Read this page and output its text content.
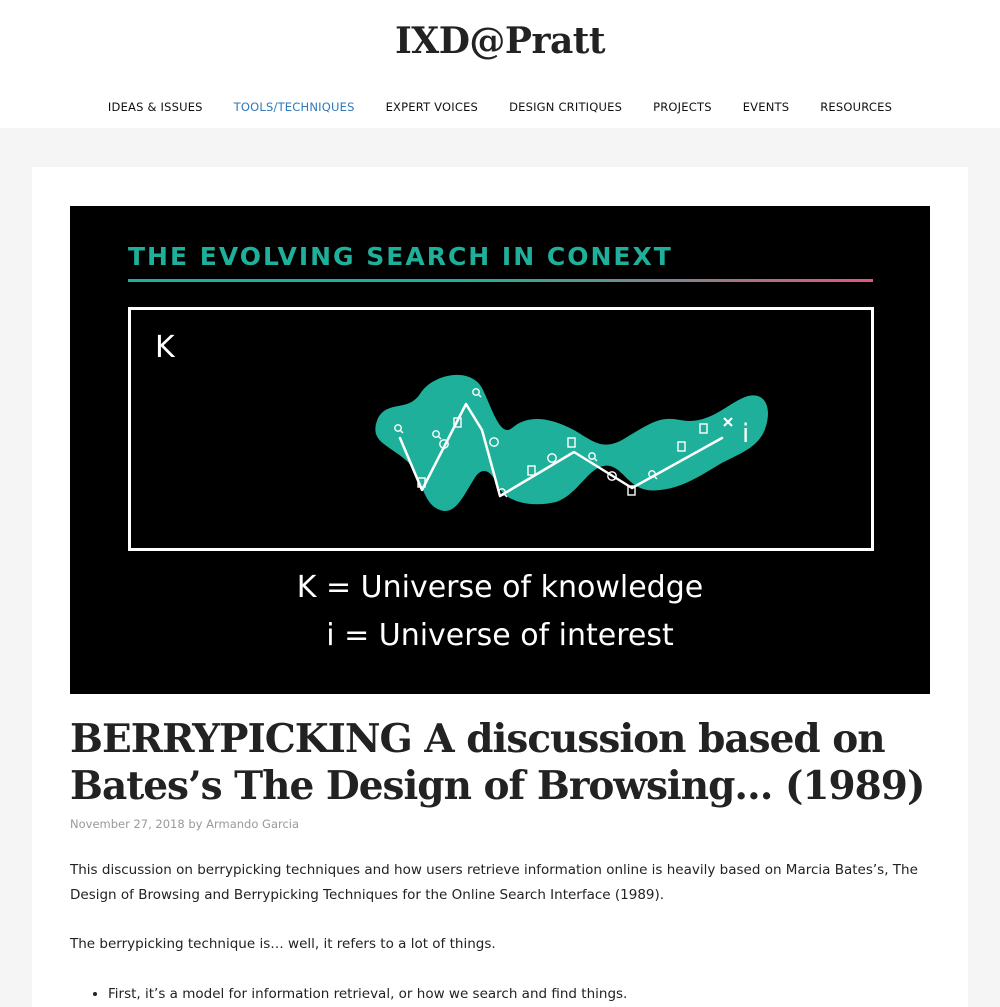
IXD@Pratt
IDEAS & ISSUES	TOOLS/TECHNIQUES	EXPERT VOICES	DESIGN CRITIQUES	PROJECTS	EVENTS	RESOURCES
THE EVOLVING SEARCH IN CONEXT
K
i
K = Universe of knowledge
i = Universe of interest
BERRYPICKING A discussion based on Bates’s The Design of Browsing… (1989)
November 27, 2018 by Armando Garcia

This discussion on berrypicking techniques and how users retrieve information online is heavily based on Marcia Bates’s, The Design of Browsing and Berrypicking Techniques for the Online Search Interface (1989).

The berrypicking technique is… well, it refers to a lot of things.

• First, it’s a model for information retrieval, or how we search and find things.
